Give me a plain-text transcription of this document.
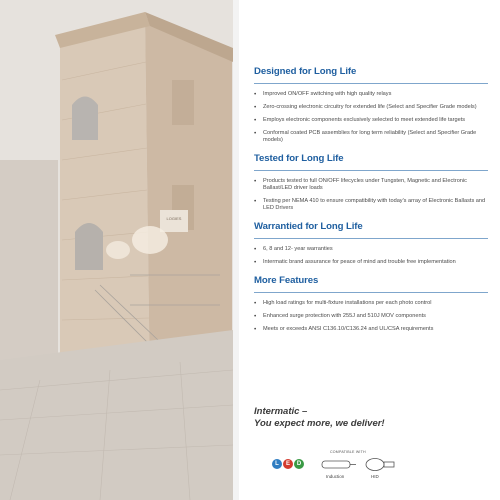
LOGIES
Designed for Long Life
• Improved ON/OFF switching with high quality relays
• Zero-crossing electronic circuitry for extended life (Select and Specifier Grade models)
• Employs electronic components exclusively selected to meet extended life targets
• Conformal coated PCB assemblies for long term reliability (Select and Specifier Grade models)
Tested for Long Life
• Products tested to full ON/OFF lifecycles under Tungsten, Magnetic and Electronic Ballast/LED driver loads
• Testing per NEMA 410 to ensure compatibility with today's array of Electronic Ballasts and LED Drivers
Warrantied for Long Life
• 6, 8 and 12- year warranties
• Intermatic brand assurance for peace of mind and trouble free implementation
More Features
• High load ratings for multi-fixture installations per each photo control
• Enhanced surge protection with 255J and 510J MOV components
• Meets or exceeds ANSI C136.10/C136.24 and UL/CSA requirements
Intermatic –
You expect more, we deliver!
COMPATIBLE WITH
L	E	D
Induction	HID
